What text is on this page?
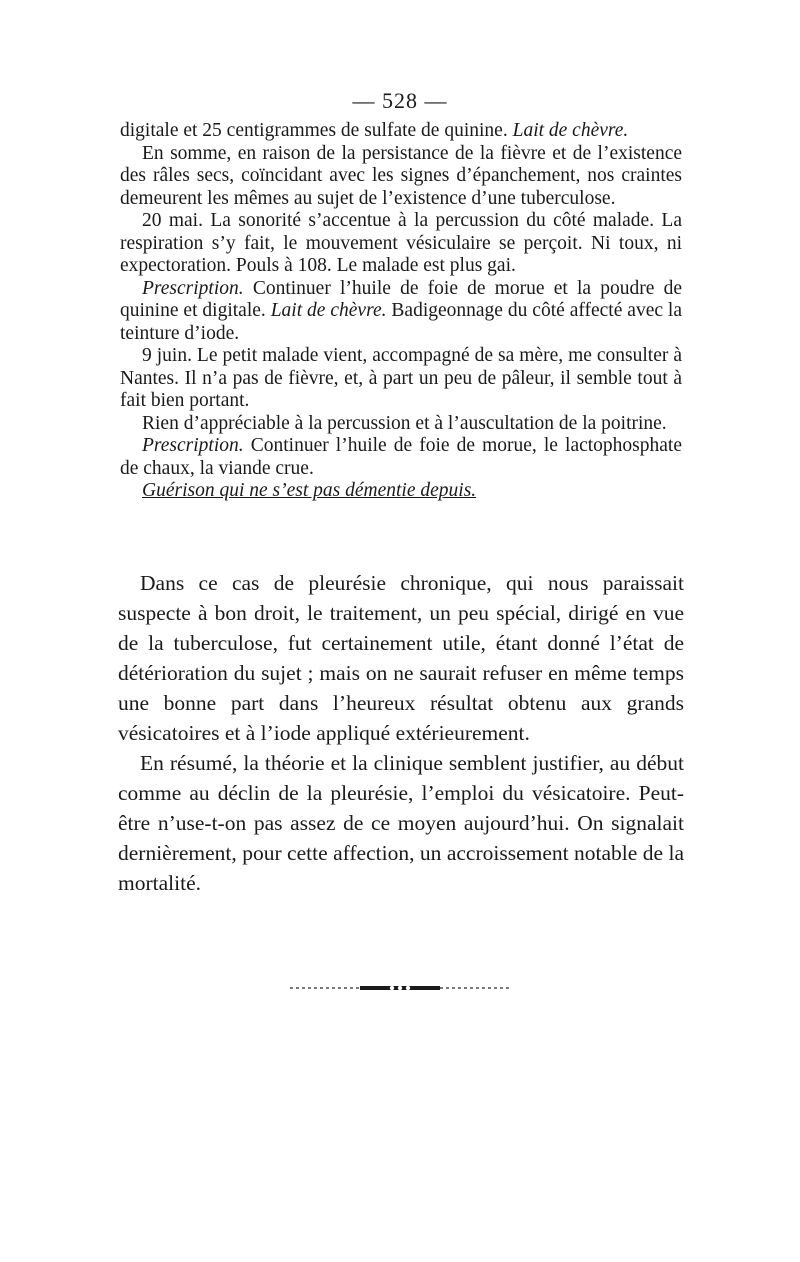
— 528 —

digitale et 25 centigrammes de sulfate de quinine. Lait de chèvre.

En somme, en raison de la persistance de la fièvre et de l’existence des râles secs, coïncidant avec les signes d’épanchement, nos craintes demeurent les mêmes au sujet de l’existence d’une tuberculose.

20 mai. La sonorité s’accentue à la percussion du côté malade. La respiration s’y fait, le mouvement vésiculaire se perçoit. Ni toux, ni expectoration. Pouls à 108. Le malade est plus gai.

Prescription. Continuer l’huile de foie de morue et la poudre de quinine et digitale. Lait de chèvre. Badigeonnage du côté affecté avec la teinture d’iode.

9 juin. Le petit malade vient, accompagné de sa mère, me consulter à Nantes. Il n’a pas de fièvre, et, à part un peu de pâleur, il semble tout à fait bien portant.

Rien d’appréciable à la percussion et à l’auscultation de la poitrine.

Prescription. Continuer l’huile de foie de morue, le lactophosphate de chaux, la viande crue.

Guérison qui ne s’est pas démentie depuis.

Dans ce cas de pleurésie chronique, qui nous paraissait suspecte à bon droit, le traitement, un peu spécial, dirigé en vue de la tuberculose, fut certainement utile, étant donné l’état de détérioration du sujet ; mais on ne saurait refuser en même temps une bonne part dans l’heureux résultat obtenu aux grands vésicatoires et à l’iode appliqué extérieurement.

En résumé, la théorie et la clinique semblent justifier, au début comme au déclin de la pleurésie, l’emploi du vésicatoire. Peut-être n’use-t-on pas assez de ce moyen aujourd’hui. On signalait dernièrement, pour cette affection, un accroissement notable de la mortalité.
